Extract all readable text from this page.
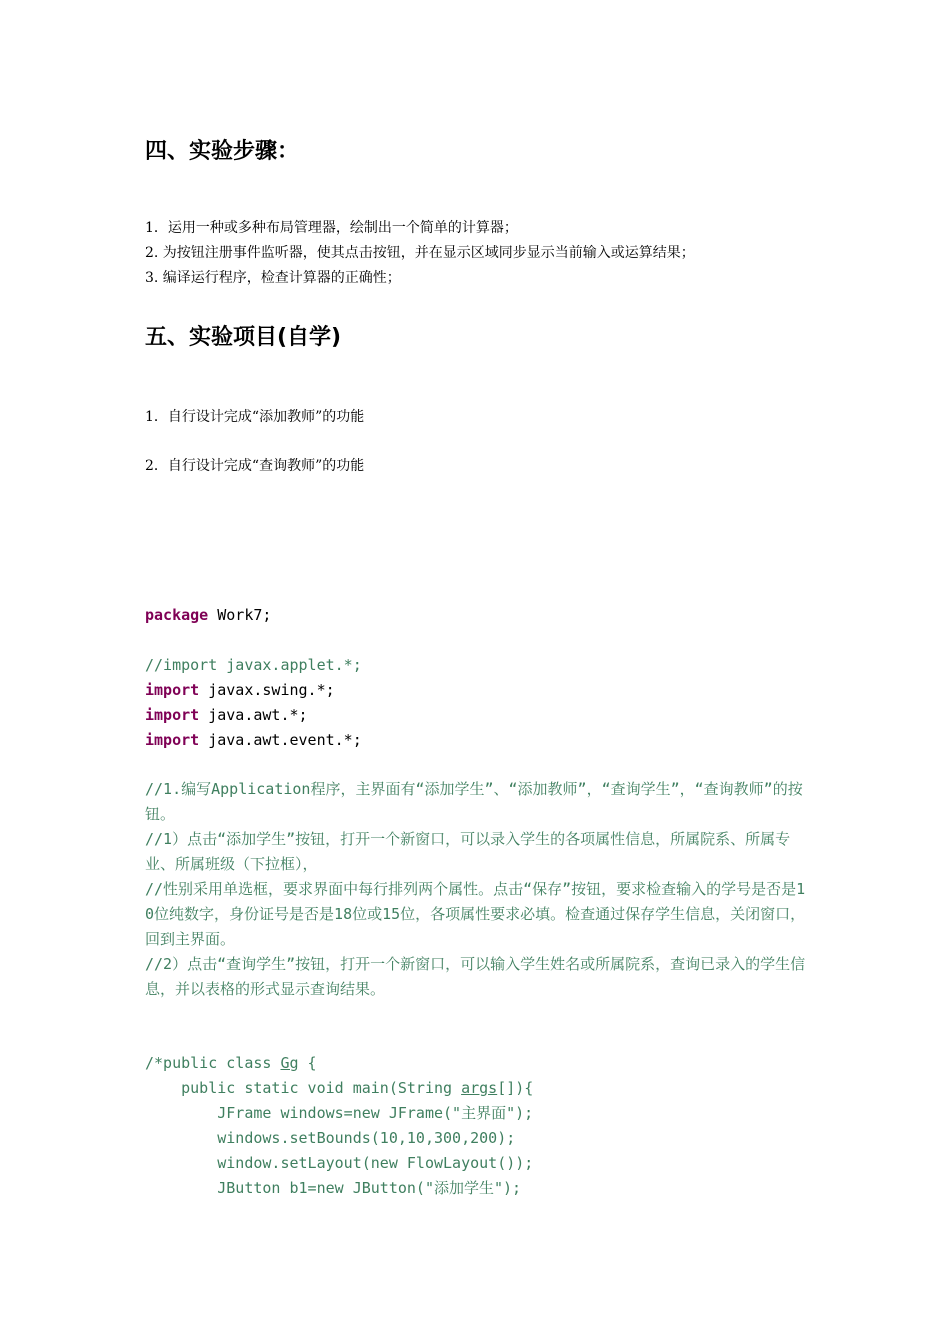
四、实验步骤：

1．运用一种或多种布局管理器，绘制出一个简单的计算器；

2. 为按钮注册事件监听器，使其点击按钮，并在显示区域同步显示当前输入或运算结果；

3. 编译运行程序，检查计算器的正确性；

五、实验项目(自学)

1．自行设计完成“添加教师”的功能

2．自行设计完成“查询教师”的功能

package Work7;
//import javax.applet.*;
import javax.swing.*;
import java.awt.*;
import java.awt.event.*;
//1.编写Application程序，主界面有“添加学生”、“添加教师”，“查询学生”，“查询教师”的按钮。
//1）点击“添加学生”按钮，打开一个新窗口，可以录入学生的各项属性信息，所属院系、所属专业、所属班级（下拉框），
//性别采用单选框，要求界面中每行排列两个属性。点击“保存”按钮，要求检查输入的学号是否是10位纯数字，身份证号是否是18位或15位，各项属性要求必填。检查通过保存学生信息，关闭窗口，回到主界面。
//2）点击“查询学生”按钮，打开一个新窗口，可以输入学生姓名或所属院系，查询已录入的学生信息，并以表格的形式显示查询结果。
/*public class Gg {
public static void main(String args[]){
JFrame windows=new JFrame("主界面");
windows.setBounds(10,10,300,200);
window.setLayout(new FlowLayout());
JButton b1=new JButton("添加学生");
